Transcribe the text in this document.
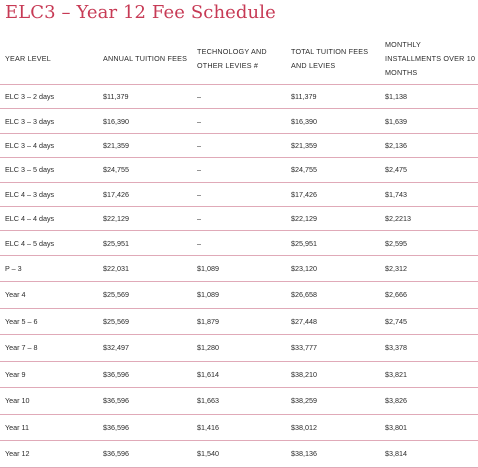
ELC3 – Year 12 Fee Schedule
YEAR LEVEL	ANNUAL TUITION FEES	TECHNOLOGY AND OTHER LEVIES #	TOTAL TUITION FEES AND LEVIES	MONTHLY INSTALLMENTS OVER 10 MONTHS
ELC 3 – 2 days	$11,379	–	$11,379	$1,138
ELC 3 – 3 days	$16,390	–	$16,390	$1,639
ELC 3 – 4 days	$21,359	–	$21,359	$2,136
ELC 3 – 5 days	$24,755	–	$24,755	$2,475
ELC 4 – 3 days	$17,426	–	$17,426	$1,743
ELC 4 – 4 days	$22,129	–	$22,129	$2,2213
ELC 4 – 5 days	$25,951	–	$25,951	$2,595
P – 3	$22,031	$1,089	$23,120	$2,312
Year 4	$25,569	$1,089	$26,658	$2,666
Year 5 – 6	$25,569	$1,879	$27,448	$2,745
Year 7 – 8	$32,497	$1,280	$33,777	$3,378
Year 9	$36,596	$1,614	$38,210	$3,821
Year 10	$36,596	$1,663	$38,259	$3,826
Year 11	$36,596	$1,416	$38,012	$3,801
Year 12	$36,596	$1,540	$38,136	$3,814
